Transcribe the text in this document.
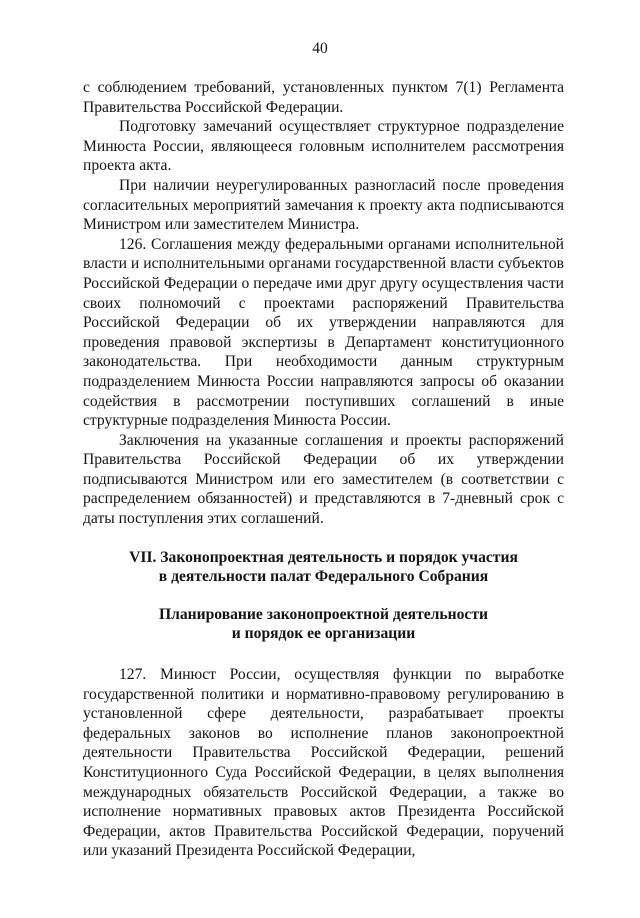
40

с соблюдением требований, установленных пунктом 7(1) Регламента Правительства Российской Федерации.

Подготовку замечаний осуществляет структурное подразделение Минюста России, являющееся головным исполнителем рассмотрения проекта акта.

При наличии неурегулированных разногласий после проведения согласительных мероприятий замечания к проекту акта подписываются Министром или заместителем Министра.

126. Соглашения между федеральными органами исполнительной власти и исполнительными органами государственной власти субъектов Российской Федерации о передаче ими друг другу осуществления части своих полномочий с проектами распоряжений Правительства Российской Федерации об их утверждении направляются для проведения правовой экспертизы в Департамент конституционного законодательства. При необходимости данным структурным подразделением Минюста России направляются запросы об оказании содействия в рассмотрении поступивших соглашений в иные структурные подразделения Минюста России.

Заключения на указанные соглашения и проекты распоряжений Правительства Российской Федерации об их утверждении подписываются Министром или его заместителем (в соответствии с распределением обязанностей) и представляются в 7-дневный срок с даты поступления этих соглашений.

VII. Законопроектная деятельность и порядок участия

в деятельности палат Федерального Собрания

Планирование законопроектной деятельности

и порядок ее организации

127. Минюст России, осуществляя функции по выработке государственной политики и нормативно-правовому регулированию в установленной сфере деятельности, разрабатывает проекты федеральных законов во исполнение планов законопроектной деятельности Правительства Российской Федерации, решений Конституционного Суда Российской Федерации, в целях выполнения международных обязательств Российской Федерации, а также во исполнение нормативных правовых актов Президента Российской Федерации, актов Правительства Российской Федерации, поручений или указаний Президента Российской Федерации,
